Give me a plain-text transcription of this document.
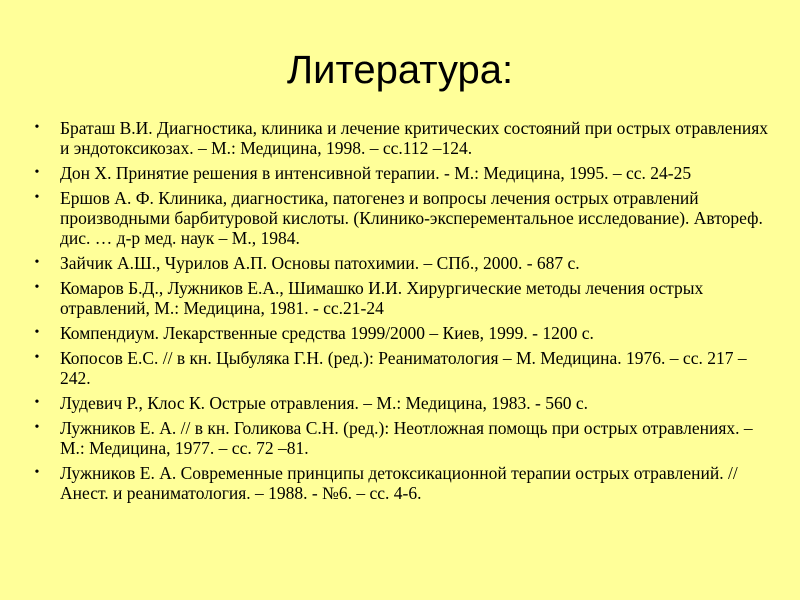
Литература:
• Браташ В.И. Диагностика, клиника и лечение критических состояний при острых отравлениях и эндотоксикозах. – М.: Медицина, 1998. – сс.112 –124.
• Дон Х. Принятие решения в интенсивной терапии. - М.: Медицина, 1995. – сс. 24-25
• Ершов А. Ф. Клиника, диагностика, патогенез и вопросы лечения острых отравлений производными барбитуровой кислоты. (Клинико-эксперементальное исследование). Автореф. дис. … д-р мед. наук – М., 1984.
• Зайчик А.Ш., Чурилов А.П. Основы патохимии. – СПб., 2000. - 687 с.
• Комаров Б.Д., Лужников Е.А., Шимашко И.И. Хирургические методы лечения острых отравлений, М.: Медицина, 1981. - сс.21-24
• Компендиум. Лекарственные средства 1999/2000 – Киев, 1999. - 1200 с.
• Копосов Е.С. // в кн. Цыбуляка Г.Н. (ред.): Реаниматология – М. Медицина. 1976. – сс. 217 – 242.
• Лудевич Р., Клос К. Острые отравления. – М.: Медицина, 1983. - 560 с.
• Лужников Е. А. // в кн. Голикова С.Н. (ред.): Неотложная помощь при острых отравлениях. – М.: Медицина, 1977. – сс. 72 –81.
• Лужников Е. А. Современные принципы детоксикационной терапии острых отравлений. // Анест. и реаниматология. – 1988. - №6. – сс. 4-6.
